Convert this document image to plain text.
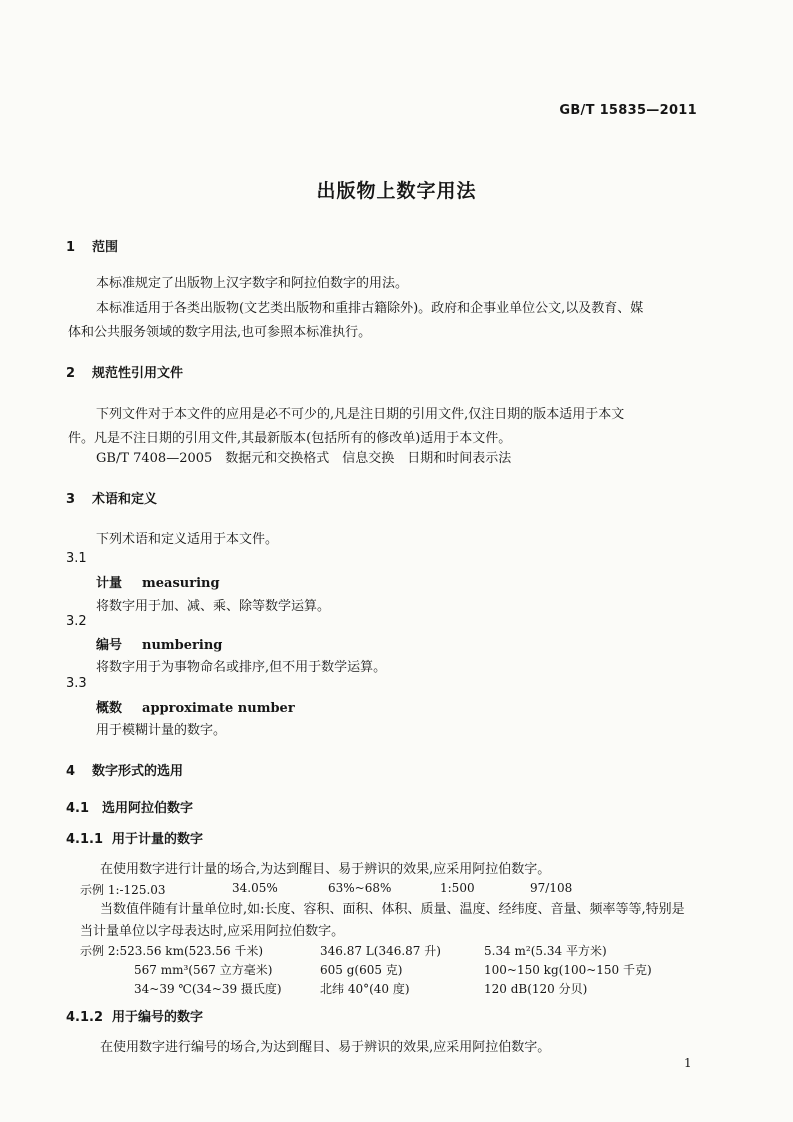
GB/T 15835—2011
出版物上数字用法
1 范围
本标准规定了出版物上汉字数字和阿拉伯数字的用法。
本标准适用于各类出版物(文艺类出版物和重排古籍除外)。政府和企事业单位公文,以及教育、媒
体和公共服务领域的数字用法,也可参照本标准执行。
2 规范性引用文件
下列文件对于本文件的应用是必不可少的,凡是注日期的引用文件,仅注日期的版本适用于本文
件。凡是不注日期的引用文件,其最新版本(包括所有的修改单)适用于本文件。
GB/T 7408—2005　数据元和交换格式　信息交换　日期和时间表示法
3 术语和定义
下列术语和定义适用于本文件。
3.1
计量 measuring
将数字用于加、减、乘、除等数学运算。
3.2
编号 numbering
将数字用于为事物命名或排序,但不用于数学运算。
3.3
概数 approximate number
用于模糊计量的数字。
4 数字形式的选用
4.1 选用阿拉伯数字
4.1.1 用于计量的数字
在使用数字进行计量的场合,为达到醒目、易于辨识的效果,应采用阿拉伯数字。
示例 1:-125.03	34.05%	63%~68%	1:500	97/108
当数值伴随有计量单位时,如:长度、容积、面积、体积、质量、温度、经纬度、音量、频率等等,特别是
当计量单位以字母表达时,应采用阿拉伯数字。
示例 2:523.56 km(523.56 千米)	346.87 L(346.87 升)	5.34 m²(5.34 平方米)
567 mm³(567 立方毫米)	605 g(605 克)	100~150 kg(100~150 千克)
34~39 ℃(34~39 摄氏度)	北纬 40°(40 度)	120 dB(120 分贝)
4.1.2 用于编号的数字
在使用数字进行编号的场合,为达到醒目、易于辨识的效果,应采用阿拉伯数字。
1
